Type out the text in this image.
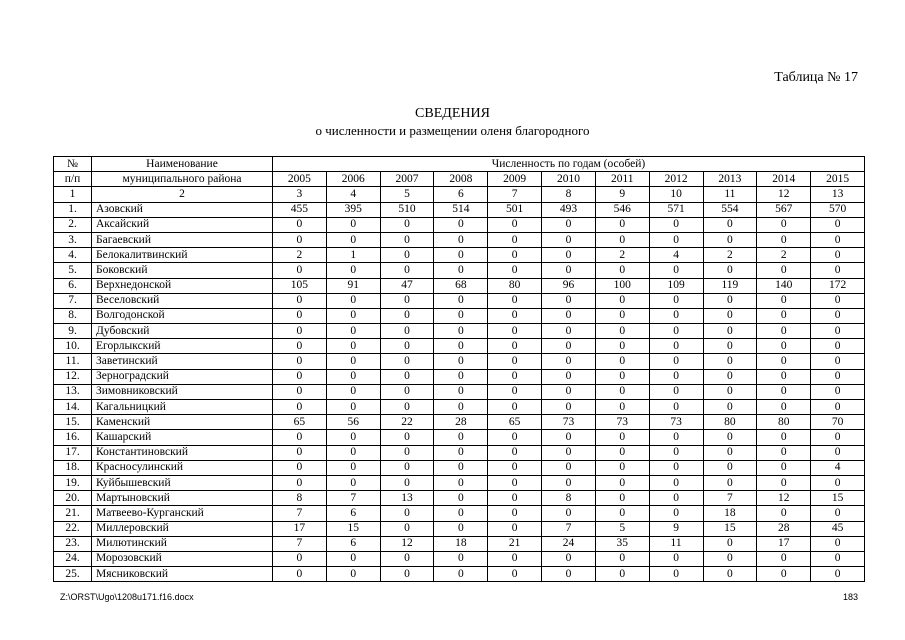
Таблица № 17
СВЕДЕНИЯ
о численности и размещении оленя благородного
№	Наименование	Численность по годам (особей)										
п/п	муниципального района	2005	2006	2007	2008	2009	2010	2011	2012	2013	2014	2015
1	2	3	4	5	6	7	8	9	10	11	12	13
1.	Азовский	455	395	510	514	501	493	546	571	554	567	570
2.	Аксайский	0	0	0	0	0	0	0	0	0	0	0
3.	Багаевский	0	0	0	0	0	0	0	0	0	0	0
4.	Белокалитвинский	2	1	0	0	0	0	2	4	2	2	0
5.	Боковский	0	0	0	0	0	0	0	0	0	0	0
6.	Верхнедонской	105	91	47	68	80	96	100	109	119	140	172
7.	Веселовский	0	0	0	0	0	0	0	0	0	0	0
8.	Волгодонской	0	0	0	0	0	0	0	0	0	0	0
9.	Дубовский	0	0	0	0	0	0	0	0	0	0	0
10.	Егорлыкский	0	0	0	0	0	0	0	0	0	0	0
11.	Заветинский	0	0	0	0	0	0	0	0	0	0	0
12.	Зерноградский	0	0	0	0	0	0	0	0	0	0	0
13.	Зимовниковский	0	0	0	0	0	0	0	0	0	0	0
14.	Кагальницкий	0	0	0	0	0	0	0	0	0	0	0
15.	Каменский	65	56	22	28	65	73	73	73	80	80	70
16.	Кашарский	0	0	0	0	0	0	0	0	0	0	0
17.	Константиновский	0	0	0	0	0	0	0	0	0	0	0
18.	Красносулинский	0	0	0	0	0	0	0	0	0	0	4
19.	Куйбышевский	0	0	0	0	0	0	0	0	0	0	0
20.	Мартыновский	8	7	13	0	0	8	0	0	7	12	15
21.	Матвеево-Курганский	7	6	0	0	0	0	0	0	18	0	0
22.	Миллеровский	17	15	0	0	0	7	5	9	15	28	45
23.	Милютинский	7	6	12	18	21	24	35	11	0	17	0
24.	Морозовский	0	0	0	0	0	0	0	0	0	0	0
25.	Мясниковский	0	0	0	0	0	0	0	0	0	0	0
Z:\ORST\Ugo\1208u171.f16.docx	183
